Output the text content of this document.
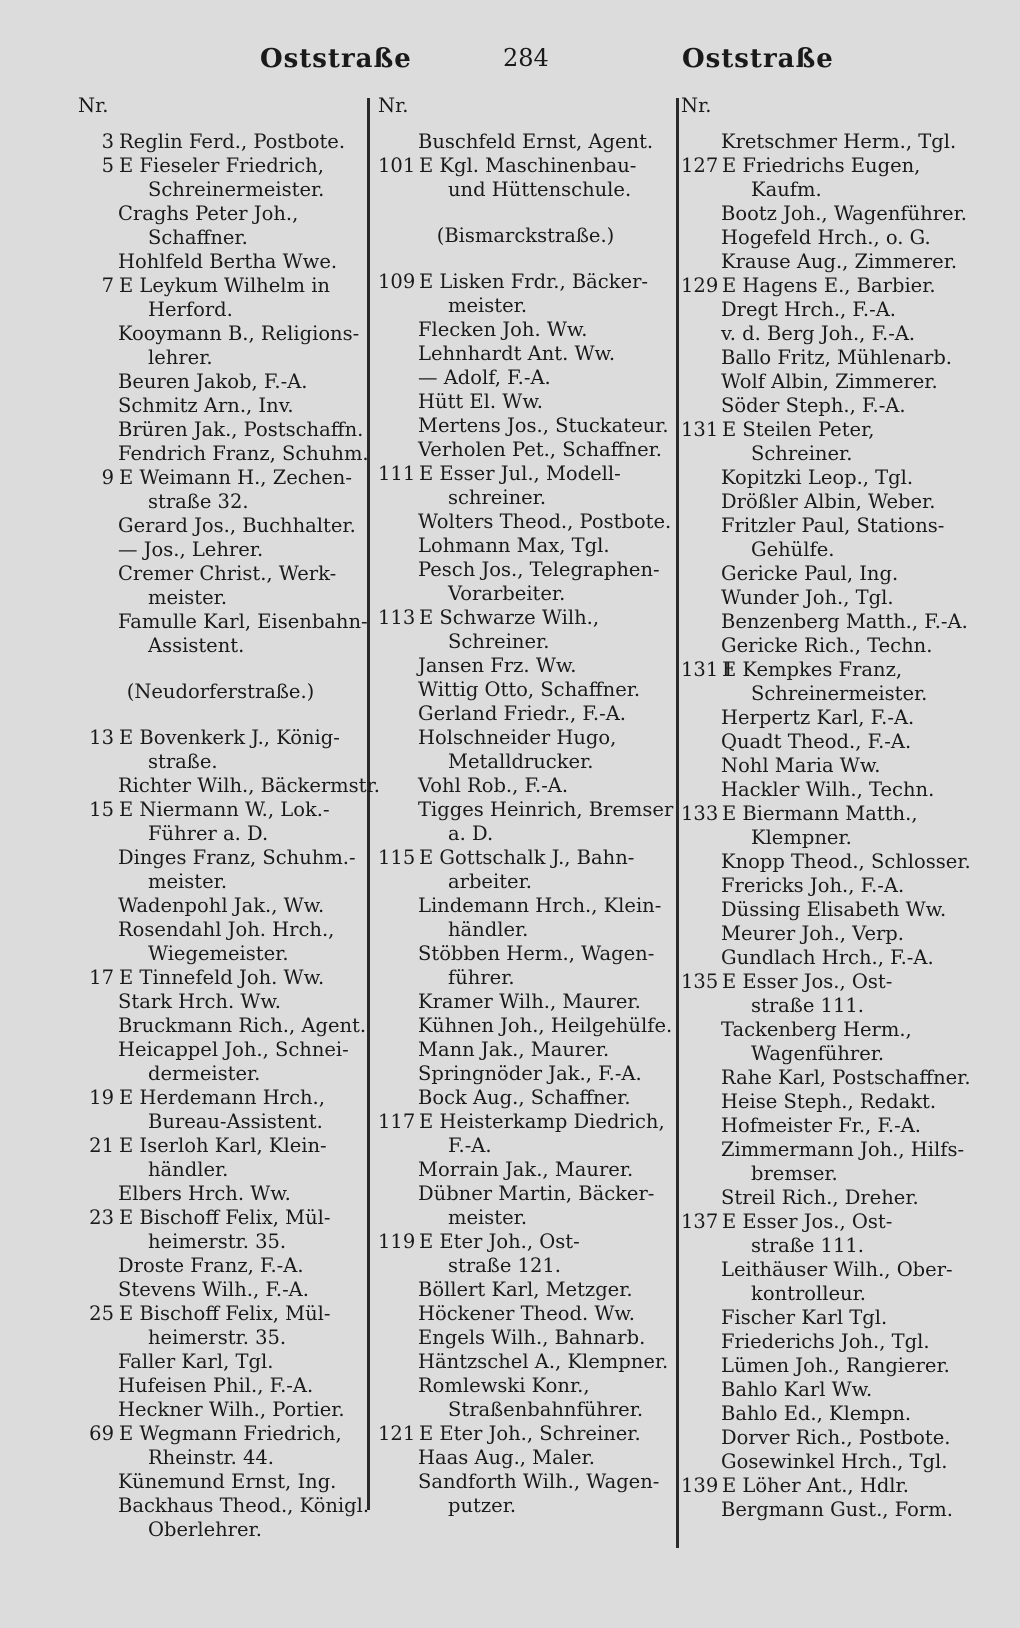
Oststraße	284	Oststraße
Nr.
3 Reglin Ferd., Postbote.
5 E Fieseler Friedrich,
Schreinermeister.
Craghs Peter Joh.,
Schaffner.
Hohlfeld Bertha Wwe.
7 E Leykum Wilhelm in
Herford.
Kooymann B., Religions-
lehrer.
Beuren Jakob, F.-A.
Schmitz Arn., Inv.
Brüren Jak., Postschaffn.
Fendrich Franz, Schuhm.
9 E Weimann H., Zechen-
straße 32.
Gerard Jos., Buchhalter.
— Jos., Lehrer.
Cremer Christ., Werk-
meister.
Famulle Karl, Eisenbahn-
Assistent.
(Neudorferstraße.)
13 E Bovenkerk J., König-
straße.
Richter Wilh., Bäckermstr.
15 E Niermann W., Lok.-
Führer a. D.
Dinges Franz, Schuhm.-
meister.
Wadenpohl Jak., Ww.
Rosendahl Joh. Hrch.,
Wiegemeister.
17 E Tinnefeld Joh. Ww.
Stark Hrch. Ww.
Bruckmann Rich., Agent.
Heicappel Joh., Schnei-
dermeister.
19 E Herdemann Hrch.,
Bureau-Assistent.
21 E Iserloh Karl, Klein-
händler.
Elbers Hrch. Ww.
23 E Bischoff Felix, Mül-
heimerstr. 35.
Droste Franz, F.-A.
Stevens Wilh., F.-A.
25 E Bischoff Felix, Mül-
heimerstr. 35.
Faller Karl, Tgl.
Hufeisen Phil., F.-A.
Heckner Wilh., Portier.
69 E Wegmann Friedrich,
Rheinstr. 44.
Künemund Ernst, Ing.
Backhaus Theod., Königl.
Oberlehrer.
Nr.
Buschfeld Ernst, Agent.
101 E Kgl. Maschinenbau-
und Hüttenschule.
(Bismarckstraße.)
109 E Lisken Frdr., Bäcker-
meister.
Flecken Joh. Ww.
Lehnhardt Ant. Ww.
— Adolf, F.-A.
Hütt El. Ww.
Mertens Jos., Stuckateur.
Verholen Pet., Schaffner.
111 E Esser Jul., Modell-
schreiner.
Wolters Theod., Postbote.
Lohmann Max, Tgl.
Pesch Jos., Telegraphen-
Vorarbeiter.
113 E Schwarze Wilh.,
Schreiner.
Jansen Frz. Ww.
Wittig Otto, Schaffner.
Gerland Friedr., F.-A.
Holschneider Hugo,
Metalldrucker.
Vohl Rob., F.-A.
Tigges Heinrich, Bremser
a. D.
115 E Gottschalk J., Bahn-
arbeiter.
Lindemann Hrch., Klein-
händler.
Stöbben Herm., Wagen-
führer.
Kramer Wilh., Maurer.
Kühnen Joh., Heilgehülfe.
Mann Jak., Maurer.
Springnöder Jak., F.-A.
Bock Aug., Schaffner.
117 E Heisterkamp Diedrich,
F.-A.
Morrain Jak., Maurer.
Dübner Martin, Bäcker-
meister.
119 E Eter Joh., Ost-
straße 121.
Böllert Karl, Metzger.
Höckener Theod. Ww.
Engels Wilh., Bahnarb.
Häntzschel A., Klempner.
Romlewski Konr.,
Straßenbahnführer.
121 E Eter Joh., Schreiner.
Haas Aug., Maler.
Sandforth Wilh., Wagen-
putzer.
Nr.
Kretschmer Herm., Tgl.
127 E Friedrichs Eugen,
Kaufm.
Bootz Joh., Wagenführer.
Hogefeld Hrch., o. G.
Krause Aug., Zimmerer.
129 E Hagens E., Barbier.
Dregt Hrch., F.-A.
v. d. Berg Joh., F.-A.
Ballo Fritz, Mühlenarb.
Wolf Albin, Zimmerer.
Söder Steph., F.-A.
131 E Steilen Peter,
Schreiner.
Kopitzki Leop., Tgl.
Drößler Albin, Weber.
Fritzler Paul, Stations-
Gehülfe.
Gericke Paul, Ing.
Wunder Joh., Tgl.
Benzenberg Matth., F.-A.
Gericke Rich., Techn.
131 IE Kempkes Franz,
Schreinermeister.
Herpertz Karl, F.-A.
Quadt Theod., F.-A.
Nohl Maria Ww.
Hackler Wilh., Techn.
133 E Biermann Matth.,
Klempner.
Knopp Theod., Schlosser.
Frericks Joh., F.-A.
Düssing Elisabeth Ww.
Meurer Joh., Verp.
Gundlach Hrch., F.-A.
135 E Esser Jos., Ost-
straße 111.
Tackenberg Herm.,
Wagenführer.
Rahe Karl, Postschaffner.
Heise Steph., Redakt.
Hofmeister Fr., F.-A.
Zimmermann Joh., Hilfs-
bremser.
Streil Rich., Dreher.
137 E Esser Jos., Ost-
straße 111.
Leithäuser Wilh., Ober-
kontrolleur.
Fischer Karl Tgl.
Friederichs Joh., Tgl.
Lümen Joh., Rangierer.
Bahlo Karl Ww.
Bahlo Ed., Klempn.
Dorver Rich., Postbote.
Gosewinkel Hrch., Tgl.
139 E Löher Ant., Hdlr.
Bergmann Gust., Form.
